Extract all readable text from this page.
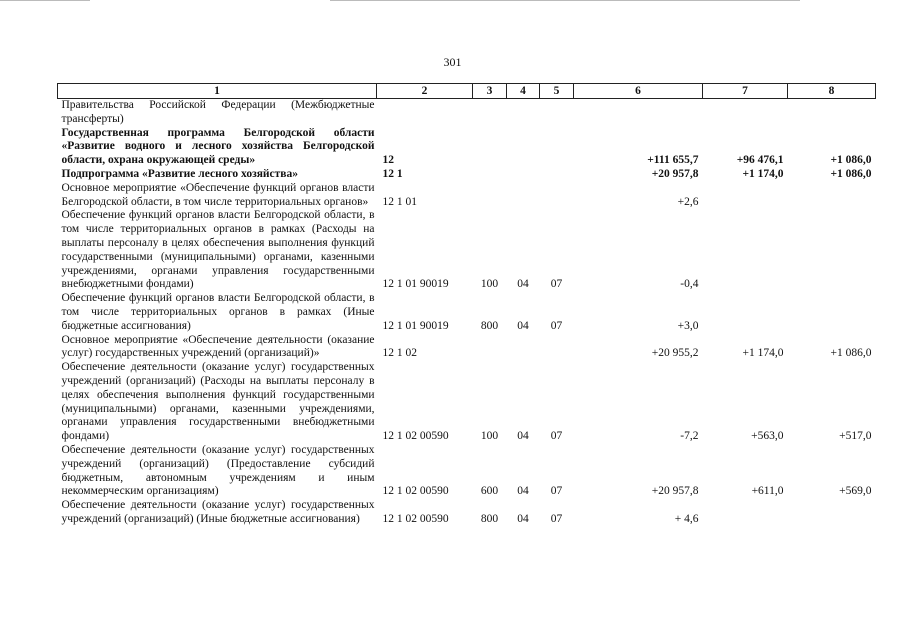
301
1	2	3	4	5	6	7	8
Правительства Российской Федерации (Межбюджетные трансферты)							
Государственная программа Белгородской области «Развитие водного и лесного хозяйства Белгородской области, охрана окружающей среды»	12				+111 655,7	+96 476,1	+1 086,0
Подпрограмма «Развитие лесного хозяйства»	12 1				+20 957,8	+1 174,0	+1 086,0
Основное мероприятие «Обеспечение функций органов власти Белгородской области, в том числе территориальных органов»	12 1 01				+2,6		
Обеспечение функций органов власти Белгородской области, в том числе территориальных органов в рамках (Расходы на выплаты персоналу в целях обеспечения выполнения функций государственными (муниципальными) органами, казенными учреждениями, органами управления государственными внебюджетными фондами)	12 1 01 90019	100	04	07	-0,4		
Обеспечение функций органов власти Белгородской области, в том числе территориальных органов в рамках (Иные бюджетные ассигнования)	12 1 01 90019	800	04	07	+3,0		
Основное мероприятие «Обеспечение деятельности (оказание услуг) государственных учреждений (организаций)»	12 1 02				+20 955,2	+1 174,0	+1 086,0
Обеспечение деятельности (оказание услуг) государственных учреждений (организаций) (Расходы на выплаты персоналу в целях обеспечения выполнения функций государственными (муниципальными) органами, казенными учреждениями, органами управления государственными внебюджетными фондами)	12 1 02 00590	100	04	07	-7,2	+563,0	+517,0
Обеспечение деятельности (оказание услуг) государственных учреждений (организаций) (Предоставление субсидий бюджетным, автономным учреждениям и иным некоммерческим организациям)	12 1 02 00590	600	04	07	+20 957,8	+611,0	+569,0
Обеспечение деятельности (оказание услуг) государственных учреждений (организаций) (Иные бюджетные ассигнования)	12 1 02 00590	800	04	07	+ 4,6		
